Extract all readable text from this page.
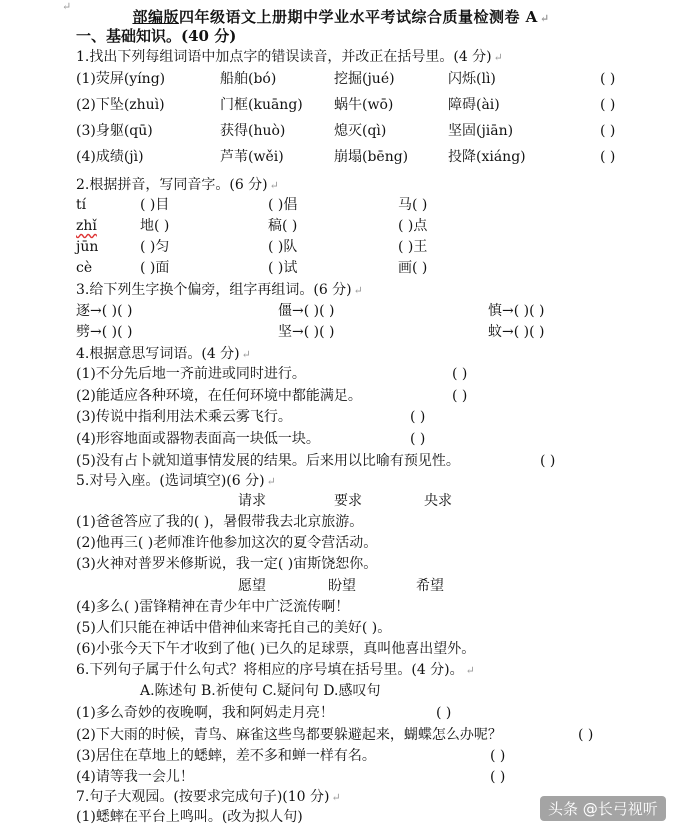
↵
部编版四年级语文上册期中学业水平考试综合质量检测卷 A ↵
一、基础知识。(40 分)
1.找出下列每组词语中加点字的错误读音，并改正在括号里。(4 分) ↵
(1)荧屏(yíng)	船舶(bó)	挖掘(jué)	闪烁(lì)	( )
(2)下坠(zhuì)	门框(kuāng) 蜗牛(wō)	障碍(ài)	( )
(3)身躯(qū)	获得(huò)	熄灭(qì)	坚固(jiān)	( )
(4)成绩(jì)	芦苇(wěi)	崩塌(bēng)	投降(xiáng)	( )
2.根据拼音，写同音字。(6 分) ↵
tí	( )目	( )倡	马( )
zhǐ	地( )	稿( )	( )点
jūn	( )匀	( )队	( )王
cè	( )面	( )试	画( )
3.给下列生字换个偏旁，组字再组词。(6 分) ↵
逐→( )( )	僵→( )( )	慎→( )( )
劈→( )( )	坚→( )( )	蚊→( )( )
4.根据意思写词语。(4 分) ↵
(1)不分先后地一齐前进或同时进行。	( )
(2)能适应各种环境，在任何环境中都能满足。	( )
(3)传说中指利用法术乘云雾飞行。	( )
(4)形容地面或器物表面高一块低一块。	( )
(5)没有占卜就知道事情发展的结果。后来用以比喻有预见性。	( )
5.对号入座。(选词填空)(6 分) ↵
请求	要求	央求
(1)爸爸答应了我的( )，暑假带我去北京旅游。
(2)他再三( )老师准许他参加这次的夏令营活动。
(3)火神对普罗米修斯说，我一定( )宙斯饶恕你。
愿望	盼望	希望
(4)多么( )雷锋精神在青少年中广泛流传啊！
(5)人们只能在神话中借神仙来寄托自己的美好( )。
(6)小张今天下午才收到了他( )已久的足球票，真叫他喜出望外。
6.下列句子属于什么句式？将相应的序号填在括号里。(4 分)。 ↵
A.陈述句 B.祈使句 C.疑问句 D.感叹句
(1)多么奇妙的夜晚啊，我和阿妈走月亮！	( )
(2)下大雨的时候，青鸟、麻雀这些鸟都要躲避起来，蝴蝶怎么办呢？	( )
(3)居住在草地上的蟋蟀，差不多和蝉一样有名。	( )
(4)请等我一会儿！	( )
7.句子大观园。(按要求完成句子)(10 分) ↵
(1)蟋蟀在平台上鸣叫。(改为拟人句)	头条 @长弓视听
